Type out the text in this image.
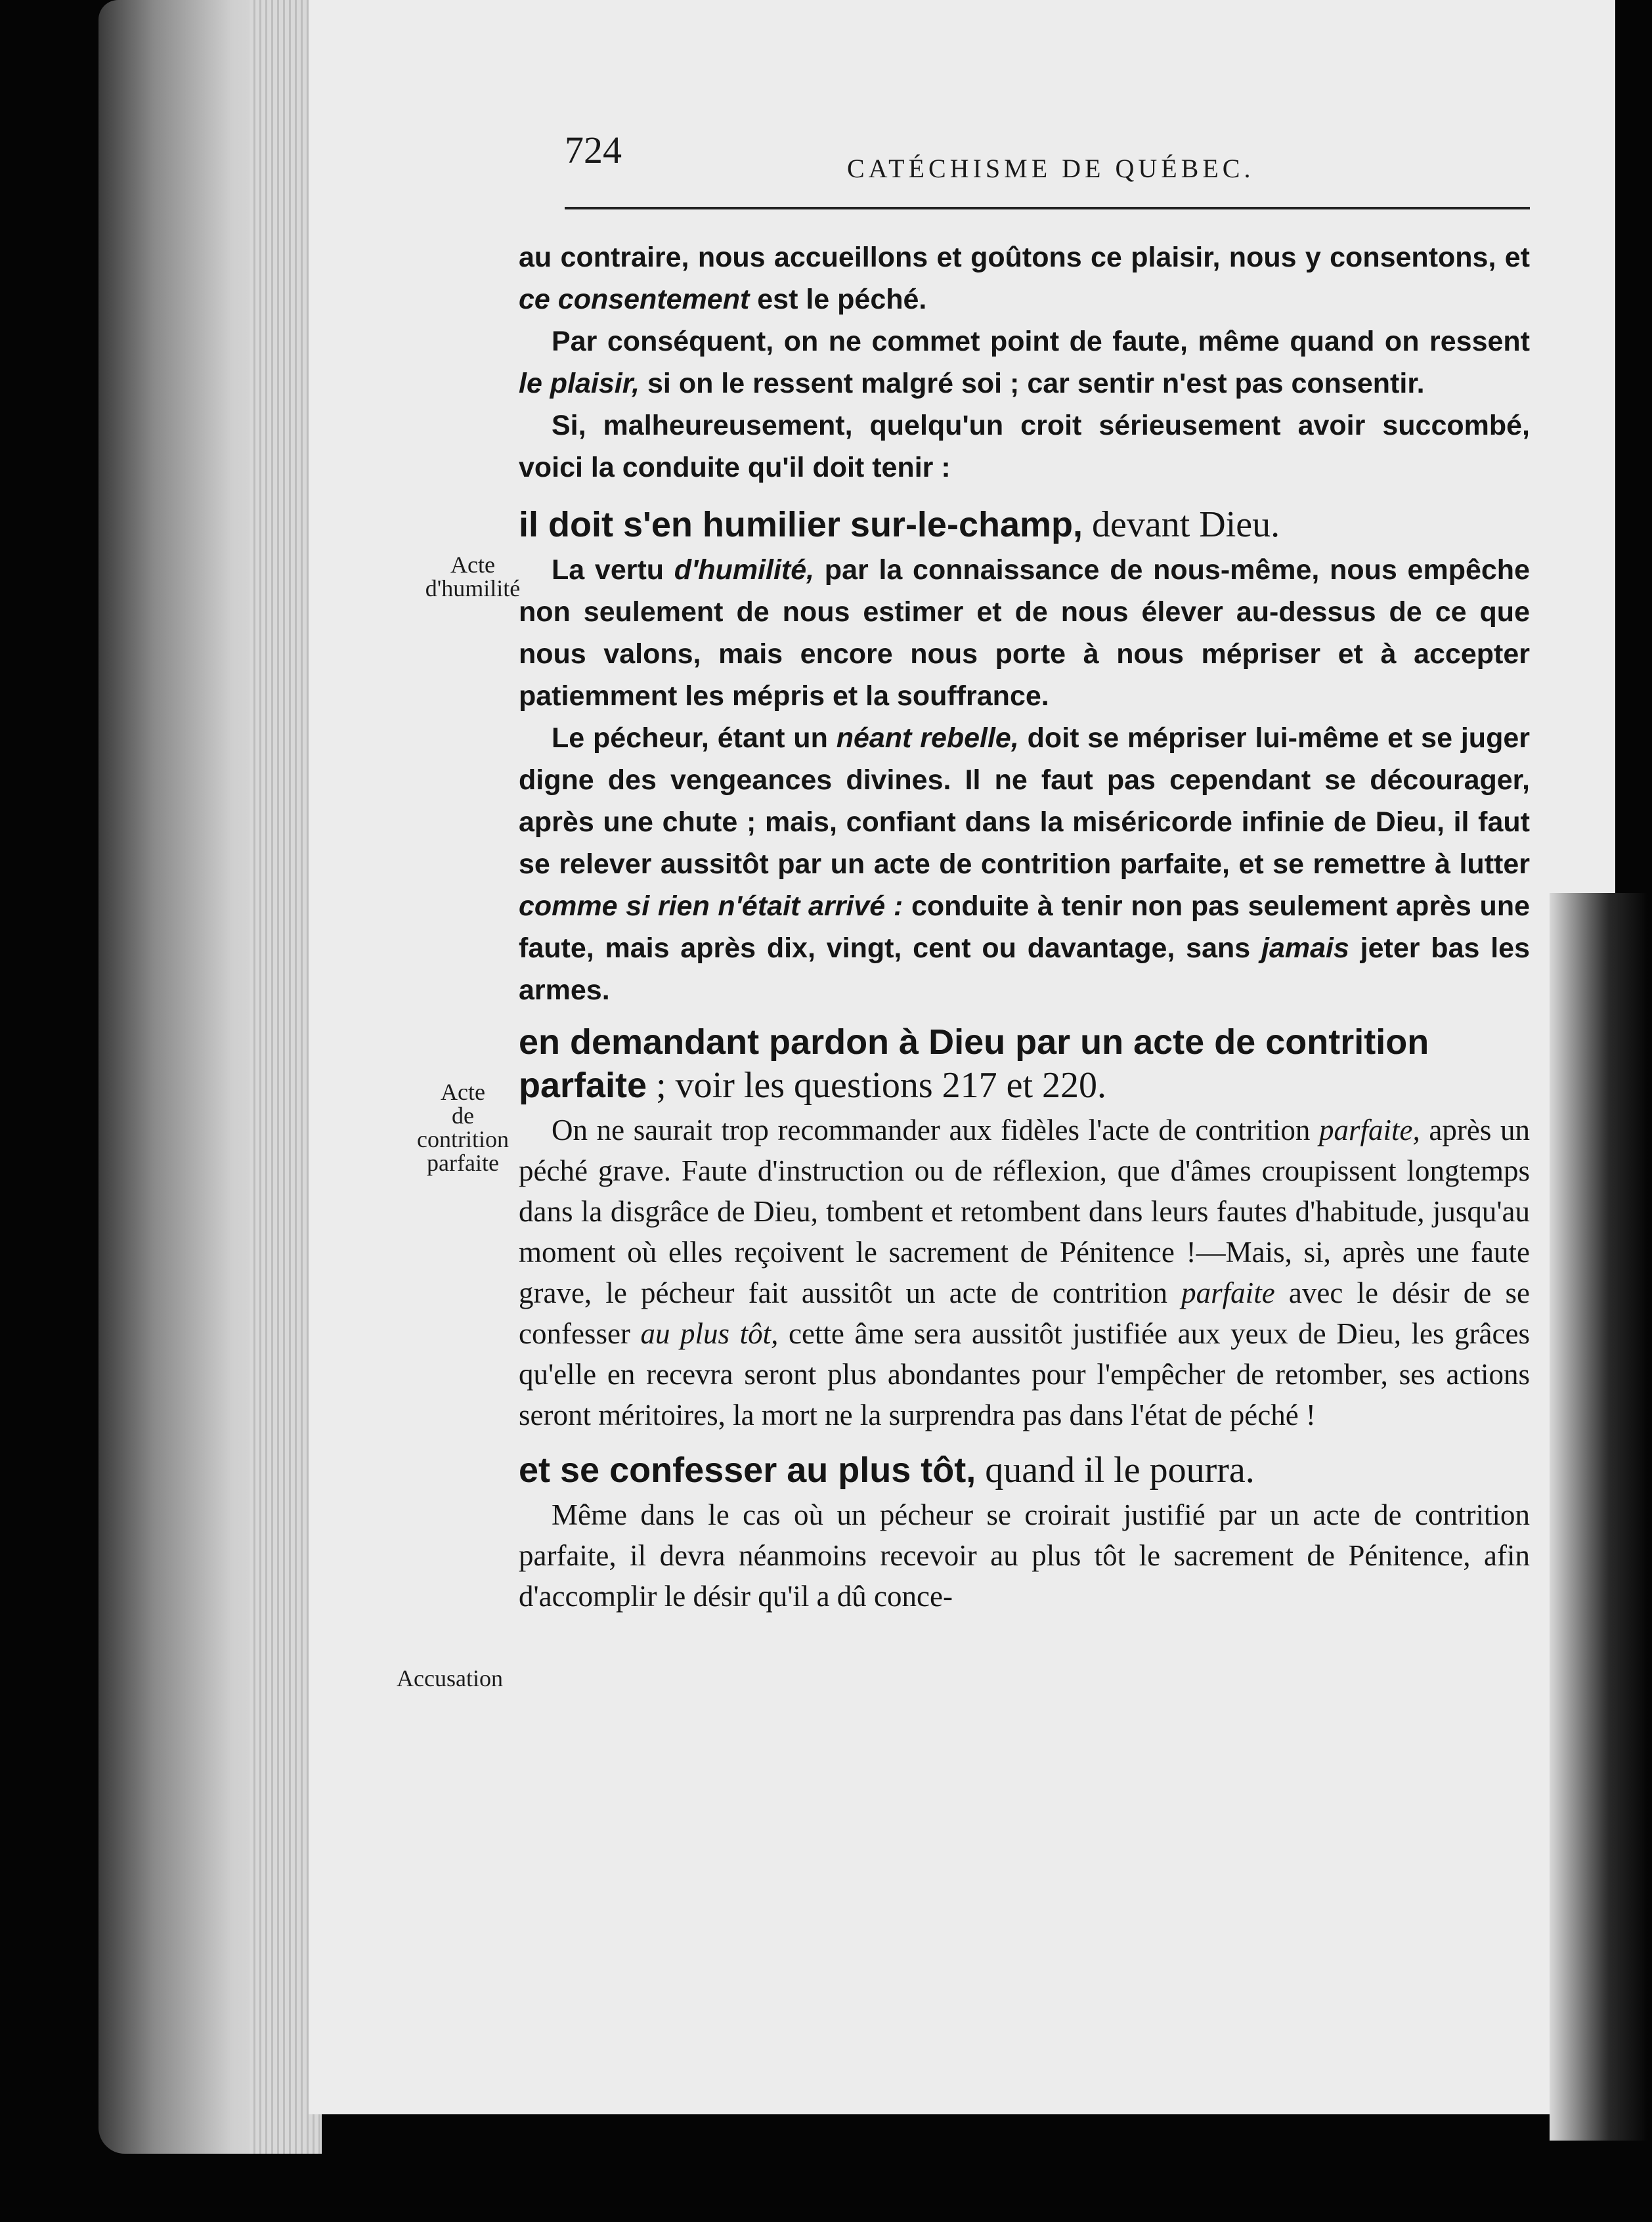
724	CATÉCHISME DE QUÉBEC.
Acte
d'humilité
Acte
de
contrition
parfaite
Accusation

au contraire, nous accueillons et goûtons ce plaisir, nous y consentons, et ce consentement est le péché.

Par conséquent, on ne commet point de faute, même quand on ressent le plaisir, si on le ressent malgré soi ; car sentir n'est pas consentir.

Si, malheureusement, quelqu'un croit sérieusement avoir succombé, voici la conduite qu'il doit tenir :

il doit s'en humilier sur-le-champ, devant Dieu.

La vertu d'humilité, par la connaissance de nous-même, nous empêche non seulement de nous estimer et de nous élever au-dessus de ce que nous valons, mais encore nous porte à nous mépriser et à accepter patiemment les mépris et la souffrance.

Le pécheur, étant un néant rebelle, doit se mépriser lui-même et se juger digne des vengeances divines. Il ne faut pas cependant se décourager, après une chute ; mais, confiant dans la miséricorde infinie de Dieu, il faut se relever aussitôt par un acte de contrition parfaite, et se remettre à lutter comme si rien n'était arrivé : conduite à tenir non pas seulement après une faute, mais après dix, vingt, cent ou davantage, sans jamais jeter bas les armes.

en demandant pardon à Dieu par un acte de contrition parfaite ; voir les questions 217 et 220.

On ne saurait trop recommander aux fidèles l'acte de contrition parfaite, après un péché grave. Faute d'instruction ou de réflexion, que d'âmes croupissent longtemps dans la disgrâce de Dieu, tombent et retombent dans leurs fautes d'habitude, jusqu'au moment où elles reçoivent le sacrement de Pénitence !—Mais, si, après une faute grave, le pécheur fait aussitôt un acte de contrition parfaite avec le désir de se confesser au plus tôt, cette âme sera aussitôt justifiée aux yeux de Dieu, les grâces qu'elle en recevra seront plus abondantes pour l'empêcher de retomber, ses actions seront méritoires, la mort ne la surprendra pas dans l'état de péché !

et se confesser au plus tôt, quand il le pourra.

Même dans le cas où un pécheur se croirait justifié par un acte de contrition parfaite, il devra néanmoins recevoir au plus tôt le sacrement de Pénitence, afin d'accomplir le désir qu'il a dû conce-
